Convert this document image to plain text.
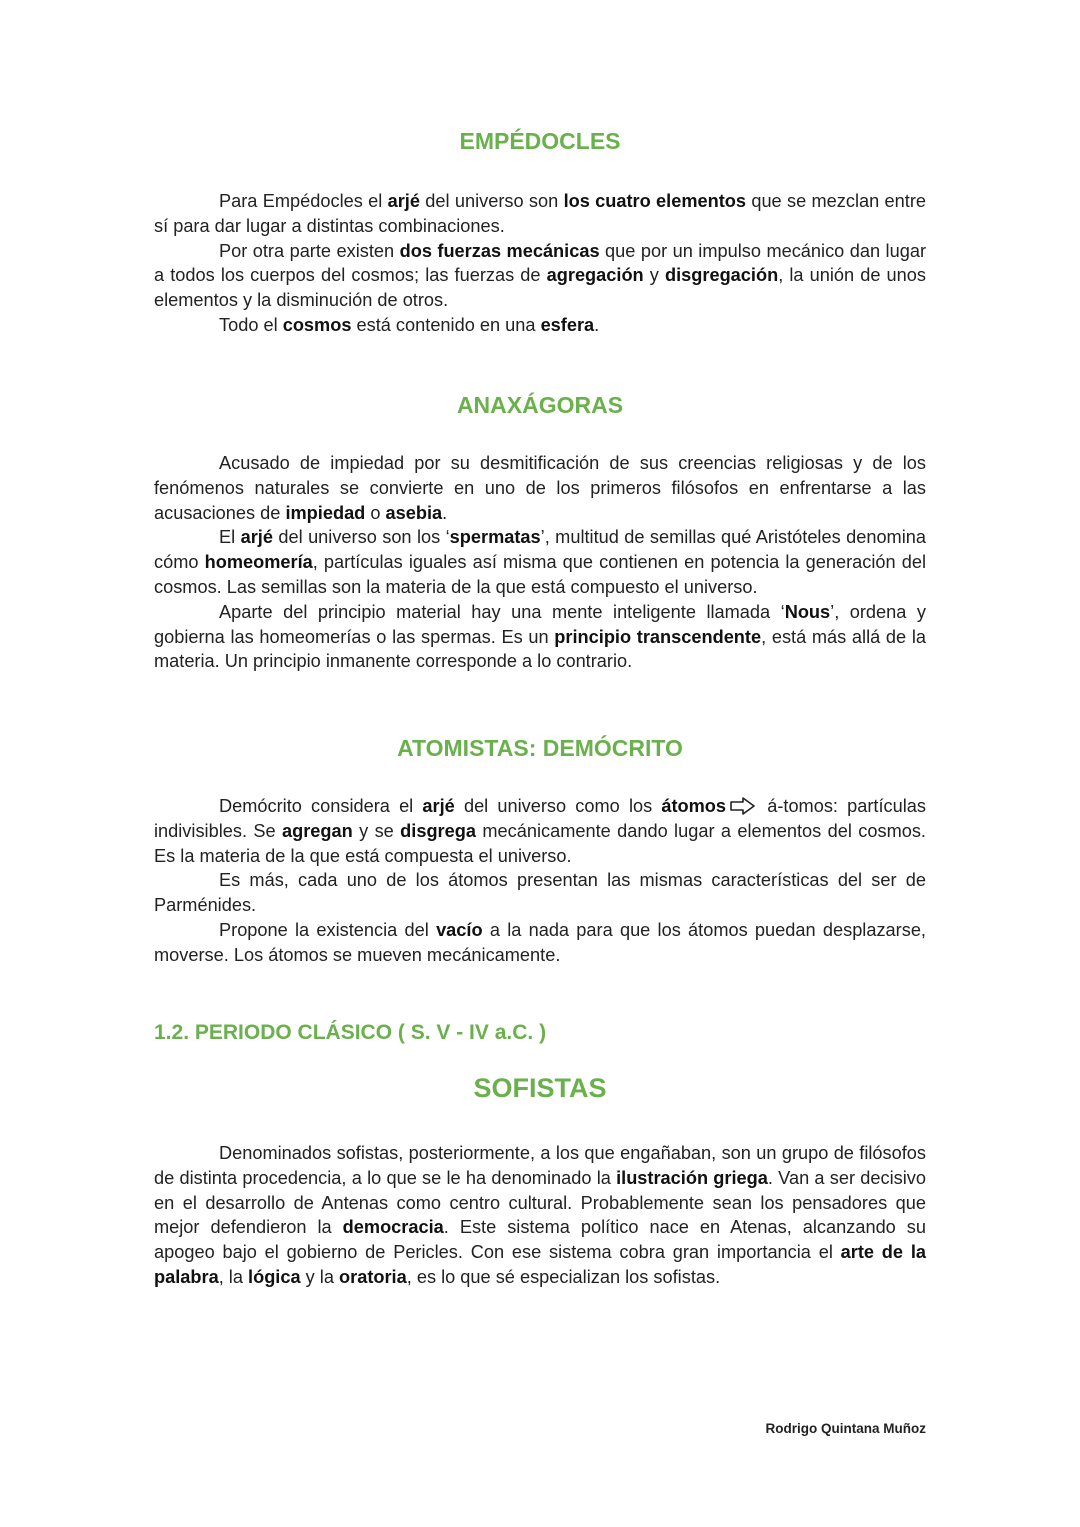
EMPÉDOCLES

Para Empédocles el arjé del universo son los cuatro elementos que se mezclan entre sí para dar lugar a distintas combinaciones.

Por otra parte existen dos fuerzas mecánicas que por un impulso mecánico dan lugar a todos los cuerpos del cosmos; las fuerzas de agregación y disgregación, la unión de unos elementos y la disminución de otros.

Todo el cosmos está contenido en una esfera.

ANAXÁGORAS

Acusado de impiedad por su desmitificación de sus creencias religiosas y de los fenómenos naturales se convierte en uno de los primeros filósofos en enfrentarse a las acusaciones de impiedad o asebia.

El arjé del universo son los ‘spermatas’, multitud de semillas qué Aristóteles denomina cómo homeomería, partículas iguales así misma que contienen en potencia la generación del cosmos. Las semillas son la materia de la que está compuesto el universo.

Aparte del principio material hay una mente inteligente llamada ‘Nous’, ordena y gobierna las homeomerías o las spermas. Es un principio transcendente, está más allá de la materia. Un principio inmanente corresponde a lo contrario.

ATOMISTAS: DEMÓCRITO

Demócrito considera el arjé del universo como los átomos á-tomos: partículas indivisibles. Se agregan y se disgrega mecánicamente dando lugar a elementos del cosmos. Es la materia de la que está compuesta el universo.

Es más, cada uno de los átomos presentan las mismas características del ser de Parménides.

Propone la existencia del vacío a la nada para que los átomos puedan desplazarse, moverse. Los átomos se mueven mecánicamente.

1.2. PERIODO CLÁSICO ( S. V - IV a.C. )
SOFISTAS

Denominados sofistas, posteriormente, a los que engañaban, son un grupo de filósofos de distinta procedencia, a lo que se le ha denominado la ilustración griega. Van a ser decisivo en el desarrollo de Antenas como centro cultural. Probablemente sean los pensadores que mejor defendieron la democracia. Este sistema político nace en Atenas, alcanzando su apogeo bajo el gobierno de Pericles. Con ese sistema cobra gran importancia el arte de la palabra, la lógica y la oratoria, es lo que sé especializan los sofistas.

Rodrigo Quintana Muñoz
